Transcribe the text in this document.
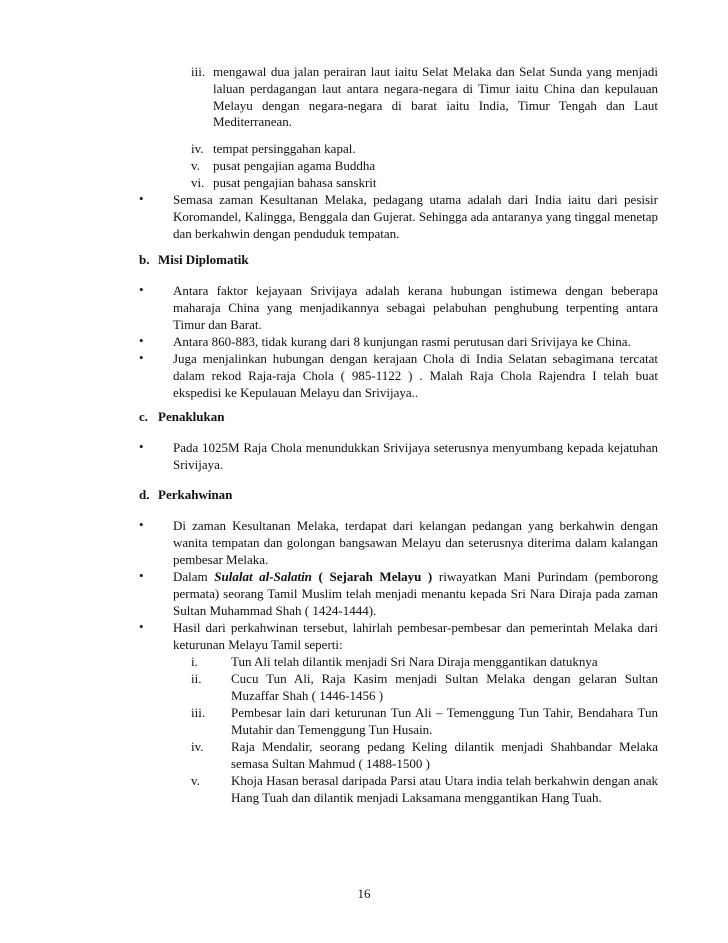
iii. mengawal dua jalan perairan laut iaitu Selat Melaka dan Selat Sunda yang menjadi laluan perdagangan laut antara negara-negara di Timur iaitu China dan kepulauan Melayu dengan negara-negara di barat iaitu India, Timur Tengah dan Laut Mediterranean.
iv. tempat persinggahan kapal.
v. pusat pengajian agama Buddha
vi. pusat pengajian bahasa sanskrit
• Semasa zaman Kesultanan Melaka, pedagang utama adalah dari India iaitu dari pesisir Koromandel, Kalingga, Benggala dan Gujerat. Sehingga ada antaranya yang tinggal menetap dan berkahwin dengan penduduk tempatan.
b. Misi Diplomatik
• Antara faktor kejayaan Srivijaya adalah kerana hubungan istimewa dengan beberapa maharaja China yang menjadikannya sebagai pelabuhan penghubung terpenting antara Timur dan Barat.
• Antara 860-883, tidak kurang dari 8 kunjungan rasmi perutusan dari Srivijaya ke China.
• Juga menjalinkan hubungan dengan kerajaan Chola di India Selatan sebagimana tercatat dalam rekod Raja-raja Chola ( 985-1122 ) . Malah Raja Chola Rajendra I telah buat ekspedisi ke Kepulauan Melayu dan Srivijaya..
c. Penaklukan
• Pada 1025M Raja Chola menundukkan Srivijaya seterusnya menyumbang kepada kejatuhan Srivijaya.
d. Perkahwinan
• Di zaman Kesultanan Melaka, terdapat dari kelangan pedangan yang berkahwin dengan wanita tempatan dan golongan bangsawan Melayu dan seterusnya diterima dalam kalangan pembesar Melaka.
• Dalam Sulalat al-Salatin ( Sejarah Melayu ) riwayatkan Mani Purindam (pemborong permata) seorang Tamil Muslim telah menjadi menantu kepada Sri Nara Diraja pada zaman Sultan Muhammad Shah ( 1424-1444).
• Hasil dari perkahwinan tersebut, lahirlah pembesar-pembesar dan pemerintah Melaka dari keturunan Melayu Tamil seperti:
i.	Tun Ali telah dilantik menjadi Sri Nara Diraja menggantikan datuknya
ii. Cucu Tun Ali, Raja Kasim menjadi Sultan Melaka dengan gelaran Sultan Muzaffar Shah ( 1446-1456 )
iii. Pembesar lain dari keturunan Tun Ali – Temenggung Tun Tahir, Bendahara Tun Mutahir dan Temenggung Tun Husain.
iv. Raja Mendalir, seorang pedang Keling dilantik menjadi Shahbandar Melaka semasa Sultan Mahmud ( 1488-1500 )
v. Khoja Hasan berasal daripada Parsi atau Utara india telah berkahwin dengan anak Hang Tuah dan dilantik menjadi Laksamana menggantikan Hang Tuah.
16
